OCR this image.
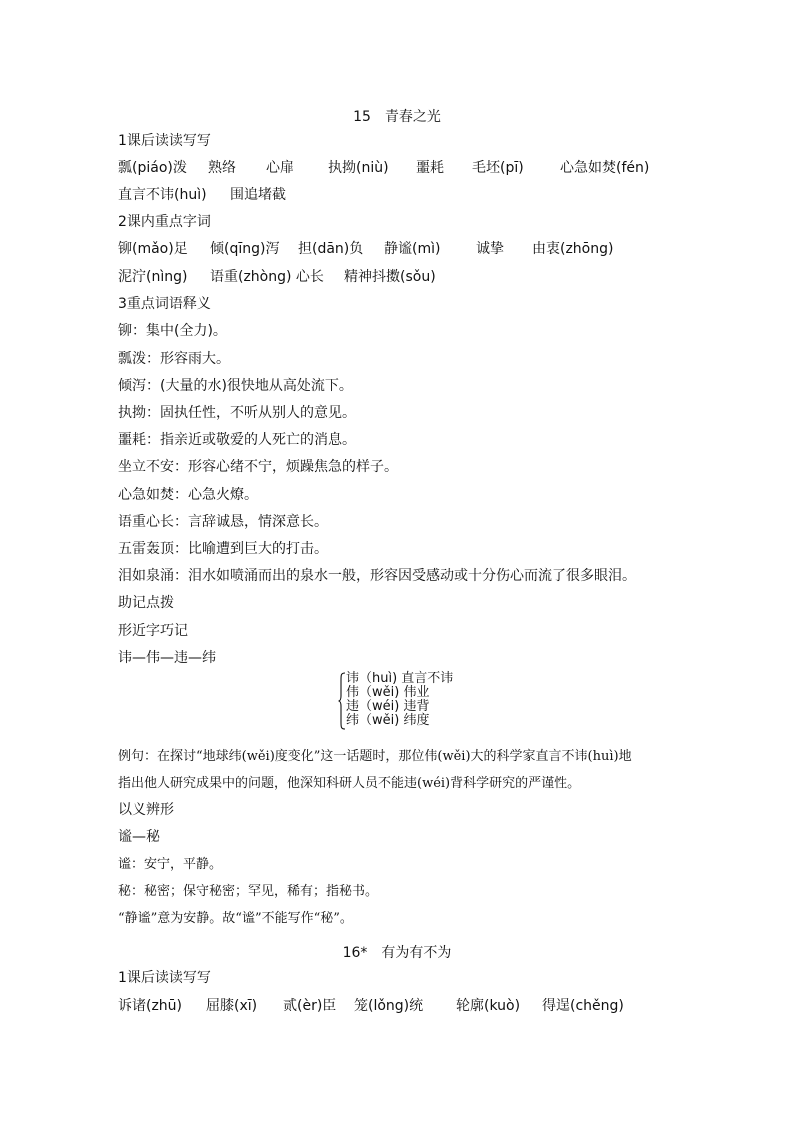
15　青春之光
1课后读读写写
瓢(piáo)泼 熟络 心扉 执拗(niù) 噩耗 毛坯(pī)	心急如焚(fén)
直言不讳(huì) 围追堵截
2课内重点字词
铆(mǎo)足 倾(qīng)泻 担(dān)负 静谧(mì)	诚挚 由衷(zhōng)
泥泞(nìng) 语重(zhòng) 心长 精神抖擞(sǒu)
3重点词语释义
铆：集中(全力)。
瓢泼：形容雨大。
倾泻：(大量的水)很快地从高处流下。
执拗：固执任性，不听从别人的意见。
噩耗：指亲近或敬爱的人死亡的消息。
坐立不安：形容心绪不宁，烦躁焦急的样子。
心急如焚：心急火燎。
语重心长：言辞诚恳，情深意长。
五雷轰顶：比喻遭到巨大的打击。
泪如泉涌：泪水如喷涌而出的泉水一般，形容因受感动或十分伤心而流了很多眼泪。
助记点拨
形近字巧记
讳—伟—违—纬
讳（huì) 直言不讳
伟（wěi) 伟业
违（wéi) 违背
纬（wěi) 纬度
例句：在探讨“地球纬(wěi)度变化”这一话题时，那位伟(wěi)大的科学家直言不讳(huì)地
指出他人研究成果中的问题，他深知科研人员不能违(wéi)背科学研究的严谨性。
以义辨形
谧—秘
谧：安宁，平静。
秘：秘密；保守秘密；罕见，稀有；指秘书。
“静谧”意为安静。故“谧”不能写作“秘”。
16*　有为有不为
1课后读读写写
诉诸(zhū) 屈膝(xī) 贰(èr)臣 笼(lǒng)统 轮廓(kuò) 得逞(chěng)
